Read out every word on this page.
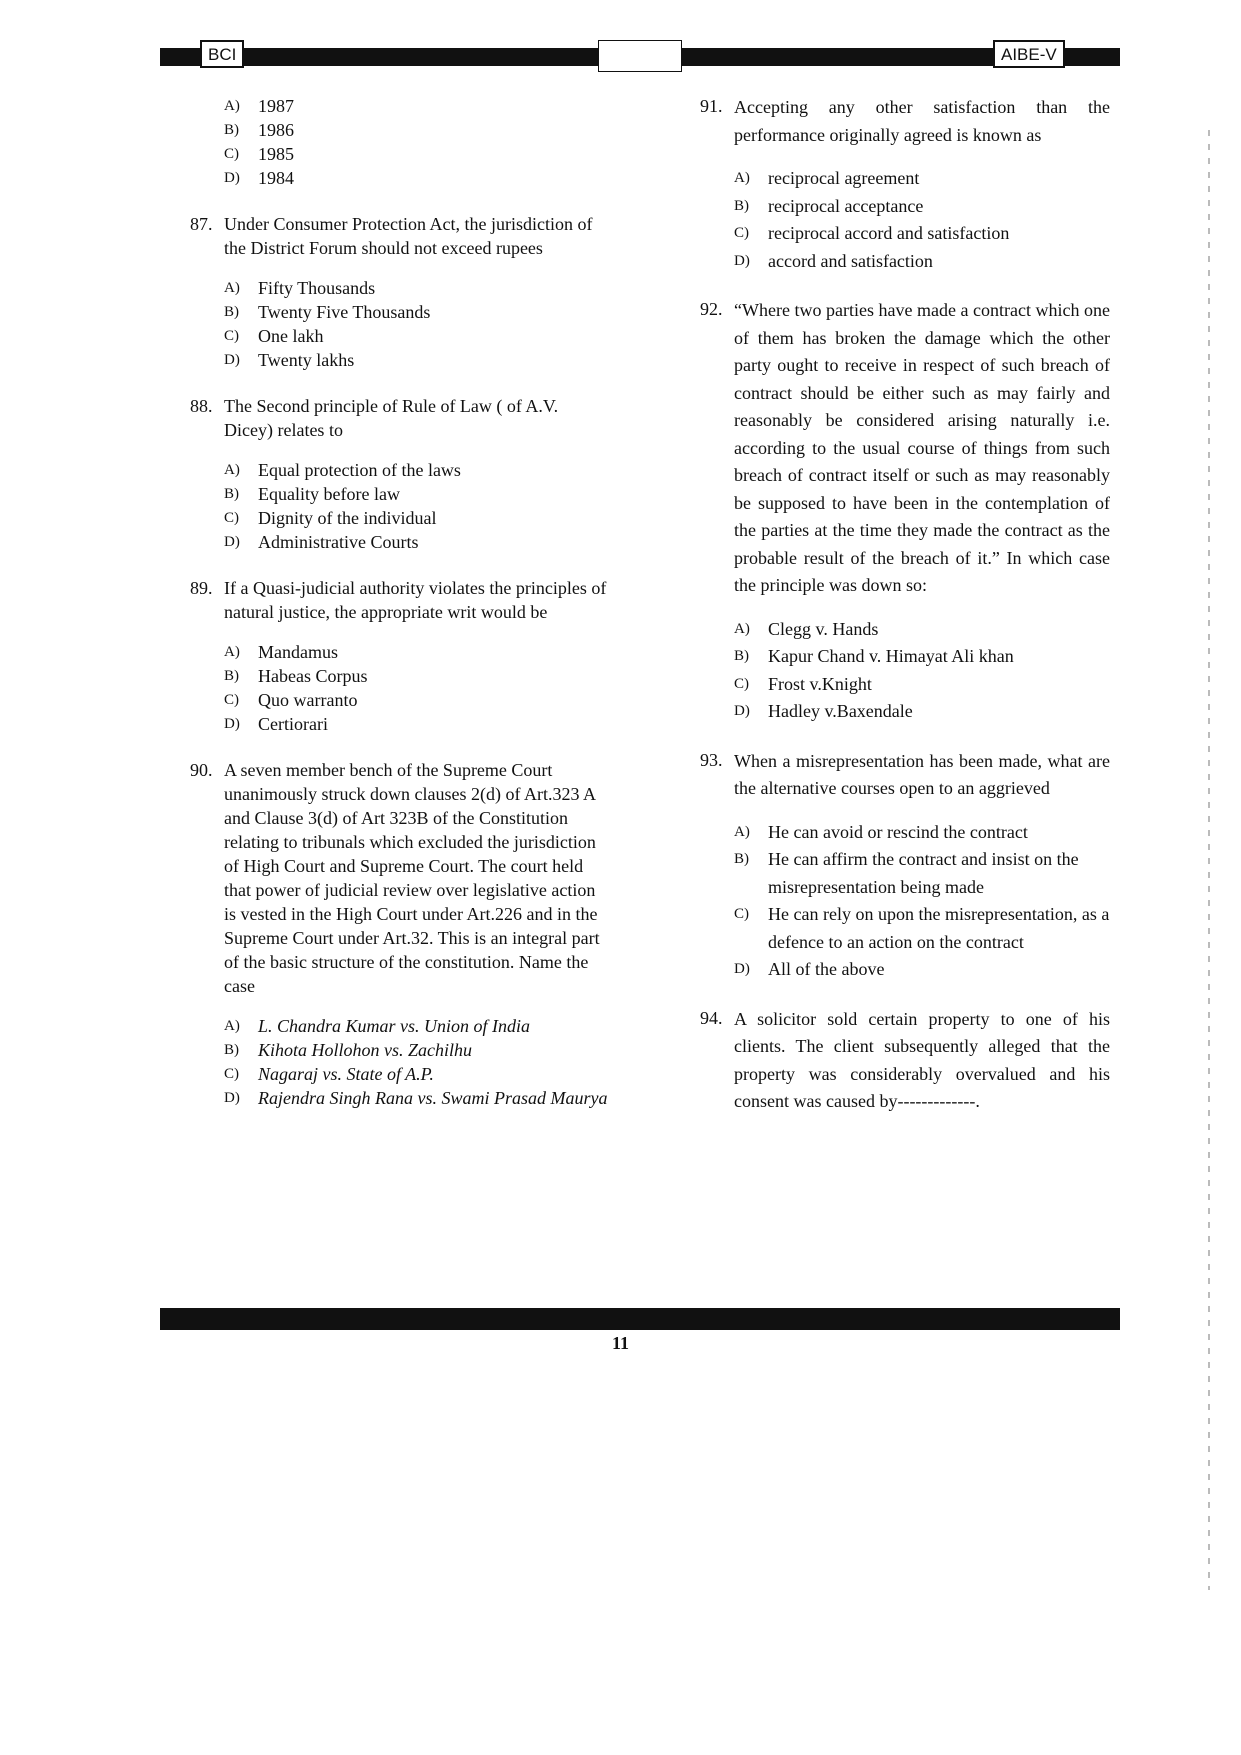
BCI	AIBE-V
A)	1987
B)	1986
C)	1985
D)	1984
87. Under Consumer Protection Act, the jurisdiction of the District Forum should not exceed rupees
A)	Fifty Thousands
B)	Twenty Five Thousands
C)	One lakh
D)	Twenty lakhs
88. The Second principle of Rule of Law ( of A.V. Dicey) relates to
A)	Equal protection of the laws
B)	Equality before law
C)	Dignity of the individual
D)	Administrative Courts
89. If a Quasi-judicial authority violates the principles of natural justice, the appropriate writ would be
A)	Mandamus
B)	Habeas Corpus
C)	Quo warranto
D)	Certiorari
90. A seven member bench of the Supreme Court unanimously struck down clauses 2(d) of Art.323 A and Clause 3(d) of Art 323B of the Constitution relating to tribunals which excluded the jurisdiction of High Court and Supreme Court. The court held that power of judicial review over legislative action is vested in the High Court under Art.226 and in the Supreme Court under Art.32. This is an integral part of the basic structure of the constitution. Name the case
A)	L. Chandra Kumar vs. Union of India
B)	Kihota Hollohon vs. Zachilhu
C)	Nagaraj vs. State of A.P.
D)	Rajendra Singh Rana vs. Swami Prasad Maurya
91. Accepting any other satisfaction than the performance originally agreed is known as
A)	reciprocal agreement
B)	reciprocal acceptance
C)	reciprocal accord and satisfaction
D)	accord and satisfaction
92. “Where two parties have made a contract which one of them has broken the damage which the other party ought to receive in respect of such breach of contract should be either such as may fairly and reasonably be considered arising naturally i.e. according to the usual course of things from such breach of contract itself or such as may reasonably be supposed to have been in the contemplation of the parties at the time they made the contract as the probable result of the breach of it.” In which case the principle was down so:
A)	Clegg v. Hands
B)	Kapur Chand v. Himayat Ali khan
C)	Frost v.Knight
D)	Hadley v.Baxendale
93. When a misrepresentation has been made, what are the alternative courses open to an aggrieved
A)	He can avoid or rescind the contract
B)	He can affirm the contract and insist on the misrepresentation being made
C)	He can rely on upon the misrepresentation, as a defence to an action on the contract
D)	All of the above
94. A solicitor sold certain property to one of his clients. The client subsequently alleged that the property was considerably overvalued and his consent was caused by-------------.
11
